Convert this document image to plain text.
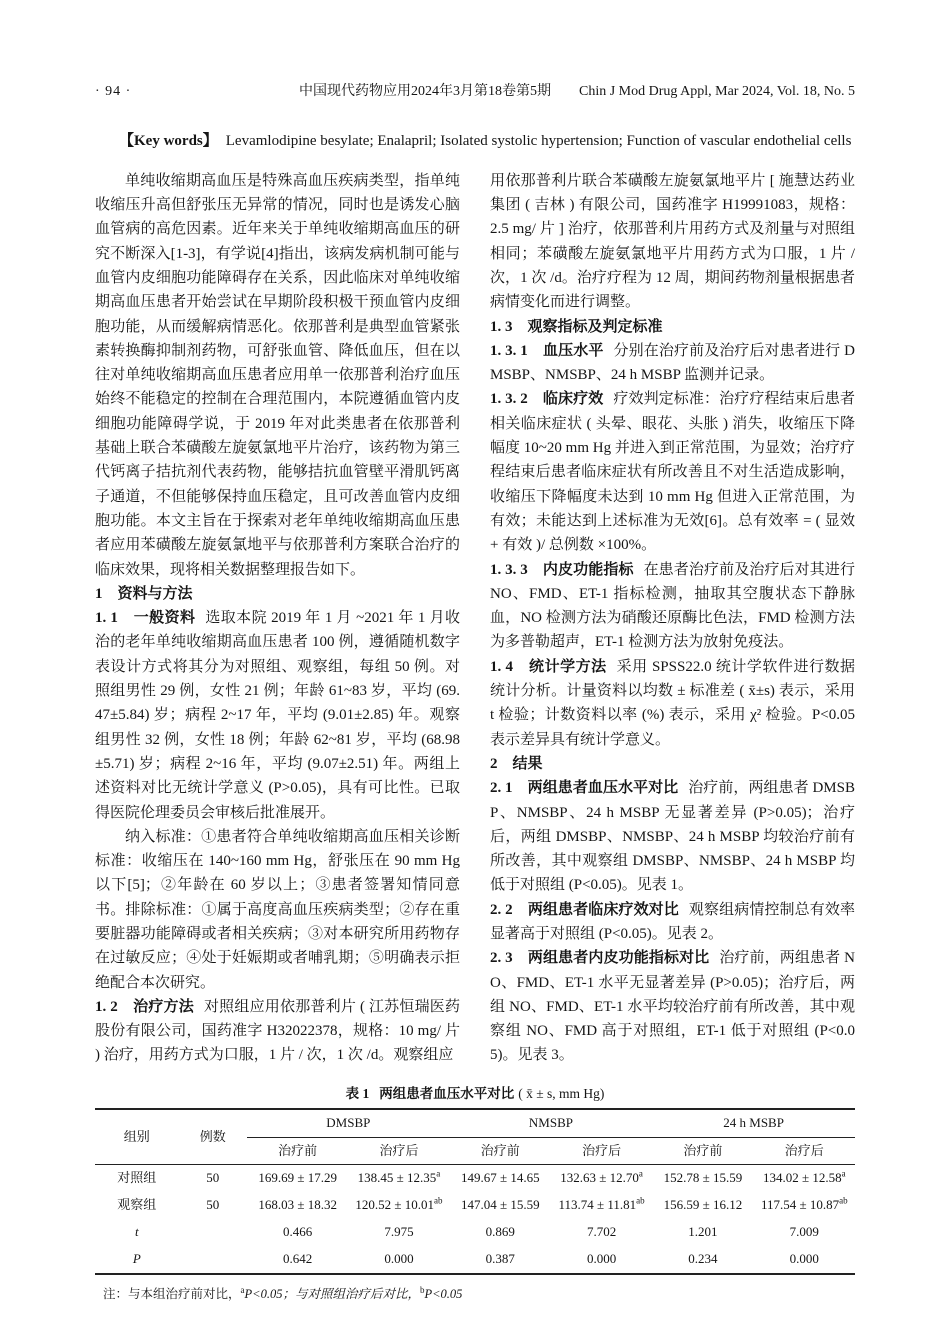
· 94 ·	中国现代药物应用2024年3月第18卷第5期　　Chin J Mod Drug Appl, Mar 2024, Vol. 18, No. 5

【Key words】 Levamlodipine besylate; Enalapril; Isolated systolic hypertension; Function of vascular endothelial cells

单纯收缩期高血压是特殊高血压疾病类型，指单纯收缩压升高但舒张压无异常的情况，同时也是诱发心脑血管病的高危因素。近年来关于单纯收缩期高血压的研究不断深入[1-3]，有学说[4]指出，该病发病机制可能与血管内皮细胞功能障碍存在关系，因此临床对单纯收缩期高血压患者开始尝试在早期阶段积极干预血管内皮细胞功能，从而缓解病情恶化。依那普利是典型血管紧张素转换酶抑制剂药物，可舒张血管、降低血压，但在以往对单纯收缩期高血压患者应用单一依那普利治疗血压始终不能稳定的控制在合理范围内，本院遵循血管内皮细胞功能障碍学说，于 2019 年对此类患者在依那普利基础上联合苯磺酸左旋氨氯地平片治疗，该药物为第三代钙离子拮抗剂代表药物，能够拮抗血管壁平滑肌钙离子通道，不但能够保持血压稳定，且可改善血管内皮细胞功能。本文主旨在于探索对老年单纯收缩期高血压患者应用苯磺酸左旋氨氯地平与依那普利方案联合治疗的临床效果，现将相关数据整理报告如下。

1　资料与方法

1. 1　一般资料 选取本院 2019 年 1 月 ~2021 年 1 月收治的老年单纯收缩期高血压患者 100 例，遵循随机数字表设计方式将其分为对照组、观察组，每组 50 例。对照组男性 29 例，女性 21 例；年龄 61~83 岁，平均 (69.47±5.84) 岁；病程 2~17 年，平均 (9.01±2.85) 年。观察组男性 32 例，女性 18 例；年龄 62~81 岁，平均 (68.98±5.71) 岁；病程 2~16 年，平均 (9.07±2.51) 年。两组上述资料对比无统计学意义 (P>0.05)，具有可比性。已取得医院伦理委员会审核后批准展开。

纳入标准：①患者符合单纯收缩期高血压相关诊断标准：收缩压在 140~160 mm Hg，舒张压在 90 mm Hg 以下[5]；②年龄在 60 岁以上；③患者签署知情同意书。排除标准：①属于高度高血压疾病类型；②存在重要脏器功能障碍或者相关疾病；③对本研究所用药物存在过敏反应；④处于妊娠期或者哺乳期；⑤明确表示拒绝配合本次研究。

1. 2　治疗方法 对照组应用依那普利片 ( 江苏恒瑞医药股份有限公司，国药准字 H32022378，规格：10 mg/ 片 ) 治疗，用药方式为口服，1 片 / 次，1 次 /d。观察组应

用依那普利片联合苯磺酸左旋氨氯地平片 [ 施慧达药业集团 ( 吉林 ) 有限公司，国药准字 H19991083，规格：2.5 mg/ 片 ] 治疗，依那普利片用药方式及剂量与对照组相同；苯磺酸左旋氨氯地平片用药方式为口服，1 片 / 次，1 次 /d。治疗疗程为 12 周，期间药物剂量根据患者病情变化而进行调整。

1. 3　观察指标及判定标准

1. 3. 1　血压水平 分别在治疗前及治疗后对患者进行 DMSBP、NMSBP、24 h MSBP 监测并记录。

1. 3. 2　临床疗效 疗效判定标准：治疗疗程结束后患者相关临床症状 ( 头晕、眼花、头胀 ) 消失，收缩压下降幅度 10~20 mm Hg 并进入到正常范围，为显效；治疗疗程结束后患者临床症状有所改善且不对生活造成影响，收缩压下降幅度未达到 10 mm Hg 但进入正常范围，为有效；未能达到上述标准为无效[6]。总有效率 = ( 显效 + 有效 )/ 总例数 ×100%。

1. 3. 3　内皮功能指标 在患者治疗前及治疗后对其进行 NO、FMD、ET-1 指标检测，抽取其空腹状态下静脉血，NO 检测方法为硝酸还原酶比色法，FMD 检测方法为多普勒超声，ET-1 检测方法为放射免疫法。

1. 4　统计学方法 采用 SPSS22.0 统计学软件进行数据统计分析。计量资料以均数 ± 标准差 ( x̄±s) 表示，采用 t 检验；计数资料以率 (%) 表示，采用 χ² 检验。P<0.05 表示差异具有统计学意义。

2　结果

2. 1　两组患者血压水平对比 治疗前，两组患者 DMSBP、NMSBP、24 h MSBP 无显著差异 (P>0.05)；治疗后，两组 DMSBP、NMSBP、24 h MSBP 均较治疗前有所改善，其中观察组 DMSBP、NMSBP、24 h MSBP 均低于对照组 (P<0.05)。见表 1。

2. 2　两组患者临床疗效对比 观察组病情控制总有效率显著高于对照组 (P<0.05)。见表 2。

2. 3　两组患者内皮功能指标对比 治疗前，两组患者 NO、FMD、ET-1 水平无显著差异 (P>0.05)；治疗后，两组 NO、FMD、ET-1 水平均较治疗前有所改善，其中观察组 NO、FMD 高于对照组，ET-1 低于对照组 (P<0.05)。见表 3。

表 1 两组患者血压水平对比 ( x̄ ± s, mm Hg)
组别	例数	DMSBP		NMSBP		24 h MSBP	
		治疗前	治疗后	治疗前	治疗后	治疗前	治疗后
对照组	50	169.69 ± 17.29	138.45 ± 12.35$^a$	149.67 ± 14.65	132.63 ± 12.70$^a$	152.78 ± 15.59	134.02 ± 12.58$^a$
观察组	50	168.03 ± 18.32	120.52 ± 10.01$^{ab}$	147.04 ± 15.59	113.74 ± 11.81$^{ab}$	156.59 ± 16.12	117.54 ± 10.87$^{ab}$
t		0.466	7.975	0.869	7.702	1.201	7.009
P		0.642	0.000	0.387	0.000	0.234	0.000
注：与本组治疗前对比，$^a$P<0.05；与对照组治疗后对比，$^b$P<0.05
